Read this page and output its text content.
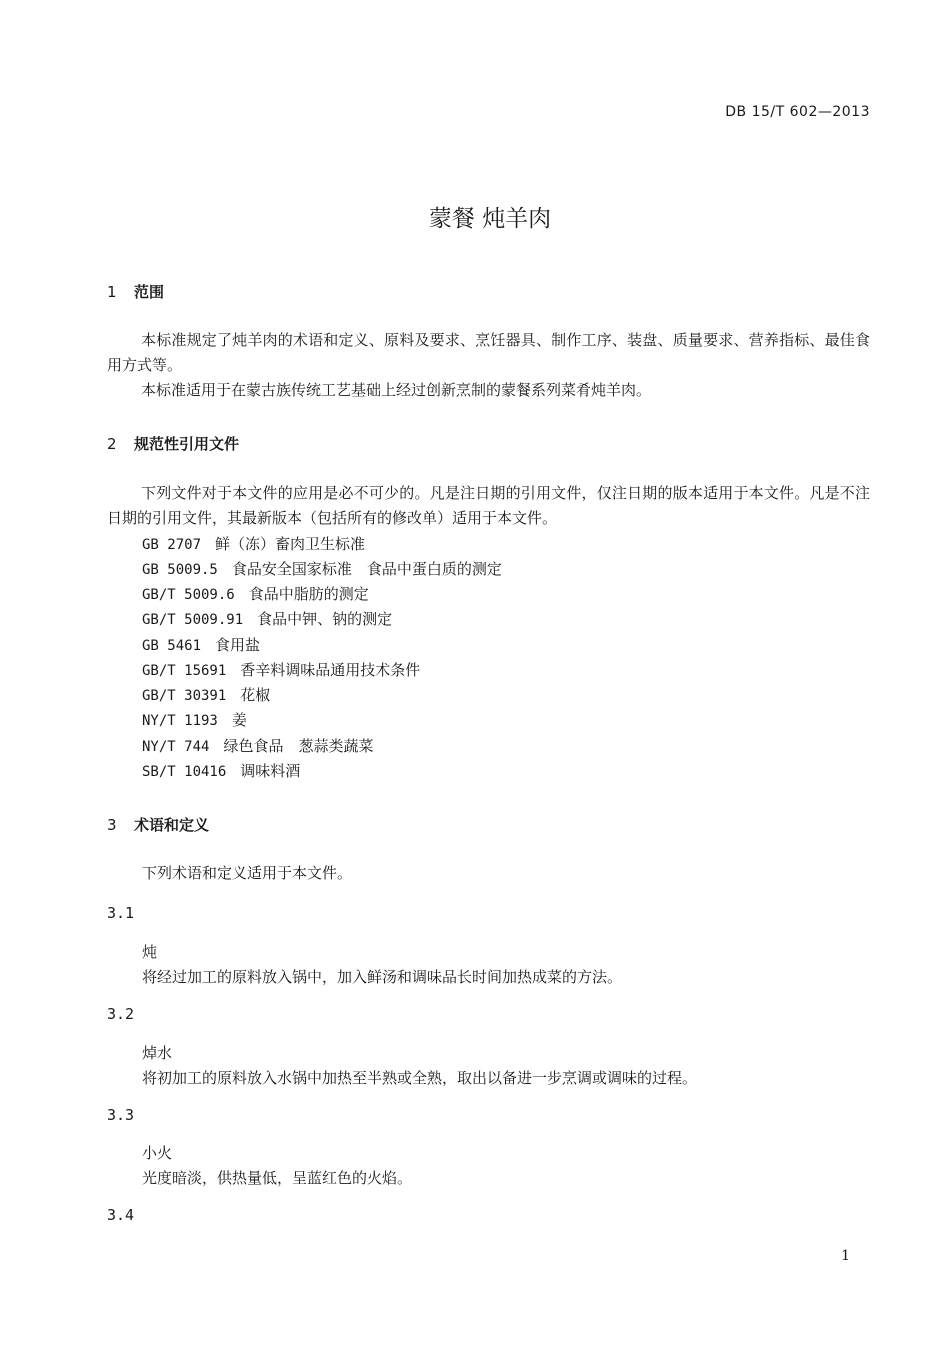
DB 15/T 602—2013
蒙餐 炖羊肉
1 范围
本标准规定了炖羊肉的术语和定义、原料及要求、烹饪器具、制作工序、装盘、质量要求、营养指标、最佳食用方式等。
本标准适用于在蒙古族传统工艺基础上经过创新烹制的蒙餐系列菜肴炖羊肉。
2 规范性引用文件
下列文件对于本文件的应用是必不可少的。凡是注日期的引用文件，仅注日期的版本适用于本文件。凡是不注日期的引用文件，其最新版本（包括所有的修改单）适用于本文件。
GB 2707 鲜（冻）畜肉卫生标准
GB 5009.5 食品安全国家标准　食品中蛋白质的测定
GB/T 5009.6 食品中脂肪的测定
GB/T 5009.91 食品中钾、钠的测定
GB 5461 食用盐
GB/T 15691 香辛料调味品通用技术条件
GB/T 30391 花椒
NY/T 1193 姜
NY/T 744 绿色食品　葱蒜类蔬菜
SB/T 10416 调味料酒
3 术语和定义
下列术语和定义适用于本文件。
3.1
炖
将经过加工的原料放入锅中，加入鲜汤和调味品长时间加热成菜的方法。
3.2
焯水
将初加工的原料放入水锅中加热至半熟或全熟，取出以备进一步烹调或调味的过程。
3.3
小火
光度暗淡，供热量低，呈蓝红色的火焰。
3.4
1
